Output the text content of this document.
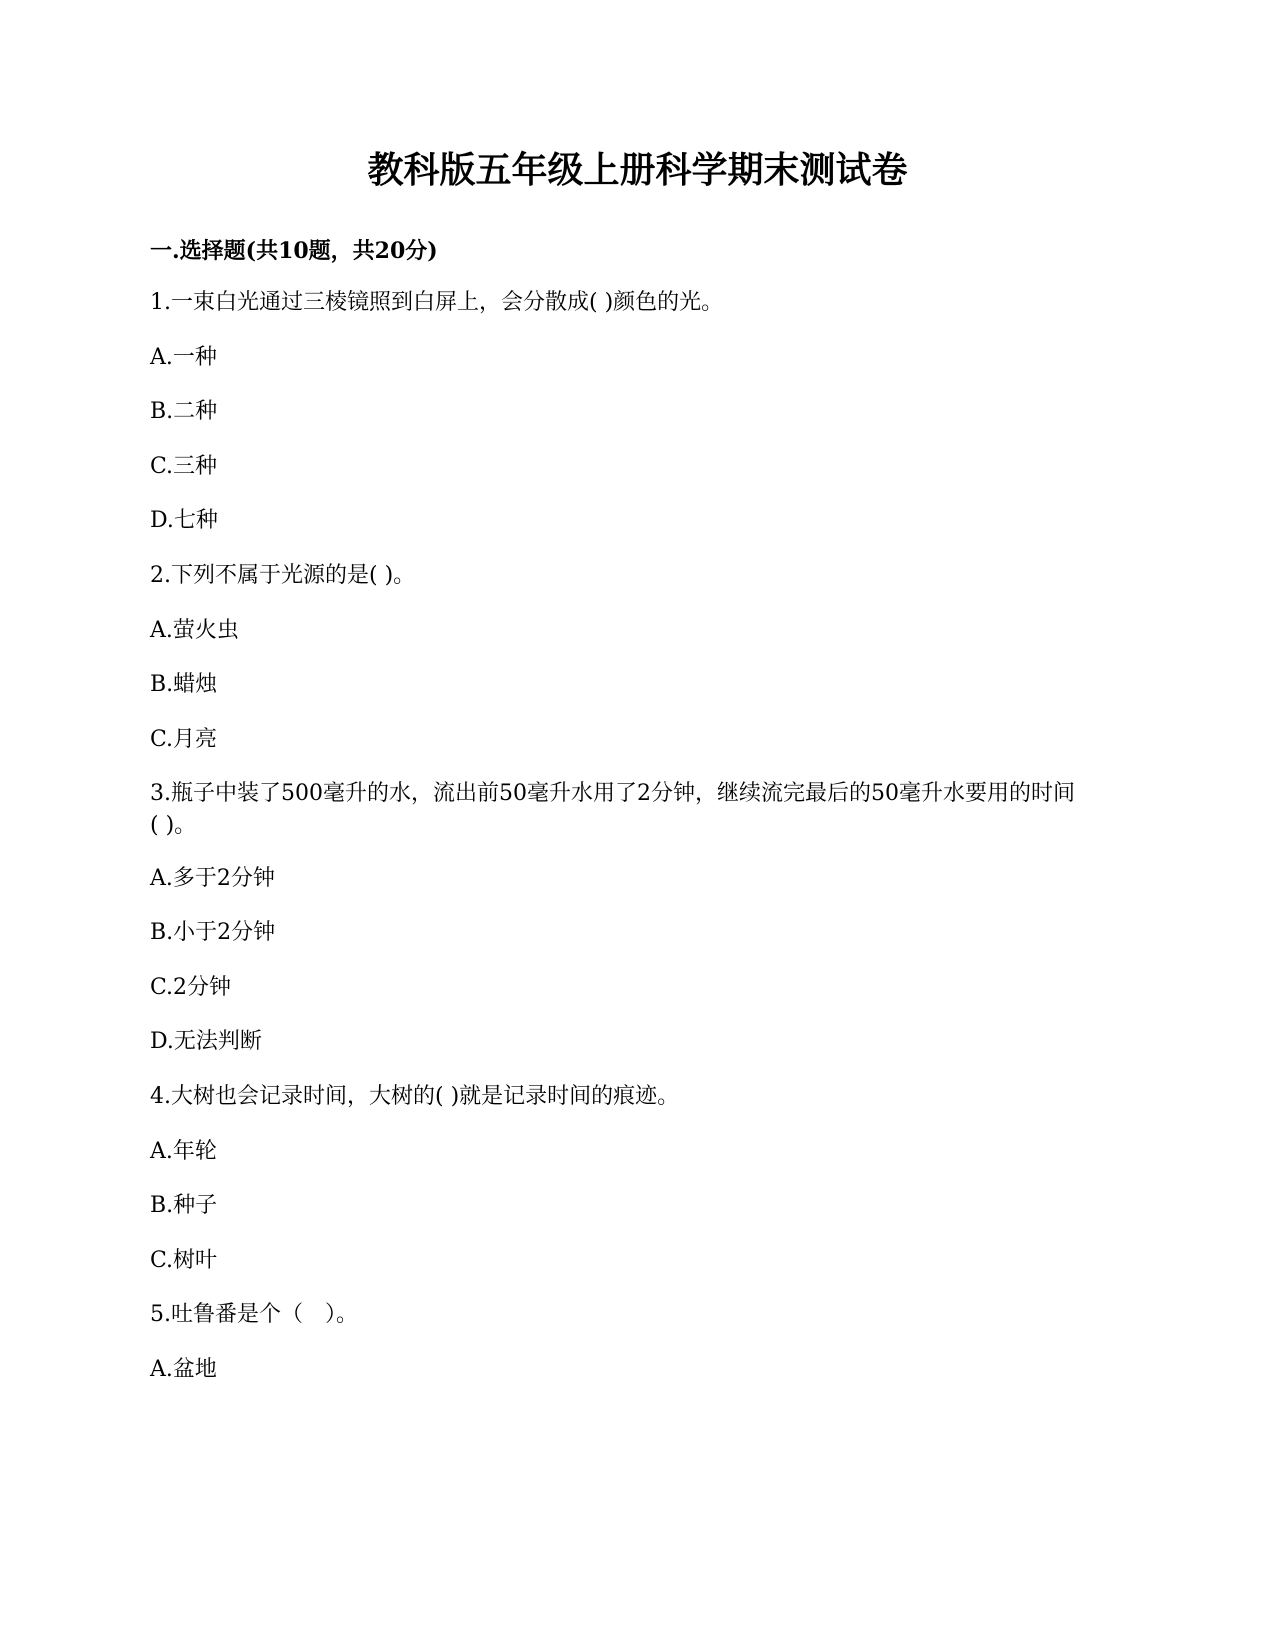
教科版五年级上册科学期末测试卷
一.选择题(共10题，共20分)

1.一束白光通过三棱镜照到白屏上，会分散成( )颜色的光。

A.一种

B.二种

C.三种

D.七种

2.下列不属于光源的是( )。

A.萤火虫

B.蜡烛

C.月亮

3.瓶子中装了500毫升的水，流出前50毫升水用了2分钟，继续流完最后的50毫升水要用的时间( )。

A.多于2分钟

B.小于2分钟

C.2分钟

D.无法判断

4.大树也会记录时间，大树的( )就是记录时间的痕迹。

A.年轮

B.种子

C.树叶

5.吐鲁番是个（　）。

A.盆地
